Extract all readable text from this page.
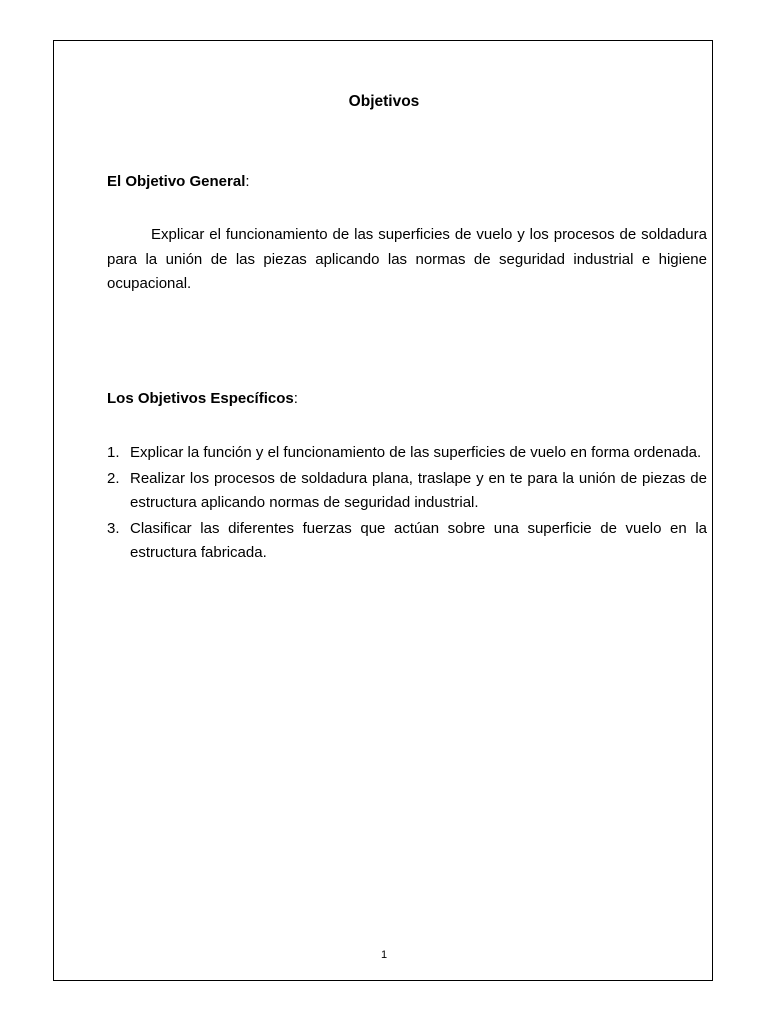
Objetivos
El Objetivo General:

Explicar el funcionamiento de las superficies de vuelo y los procesos de soldadura para la unión de las piezas aplicando las normas de seguridad industrial e higiene ocupacional.

Los Objetivos Específicos:
1. Explicar la función y el funcionamiento de las superficies de vuelo en forma ordenada.
2. Realizar los procesos de soldadura plana, traslape y en te para la unión de piezas de estructura aplicando normas de seguridad industrial.
3. Clasificar las diferentes fuerzas que actúan sobre una superficie de vuelo en la estructura fabricada.
1
